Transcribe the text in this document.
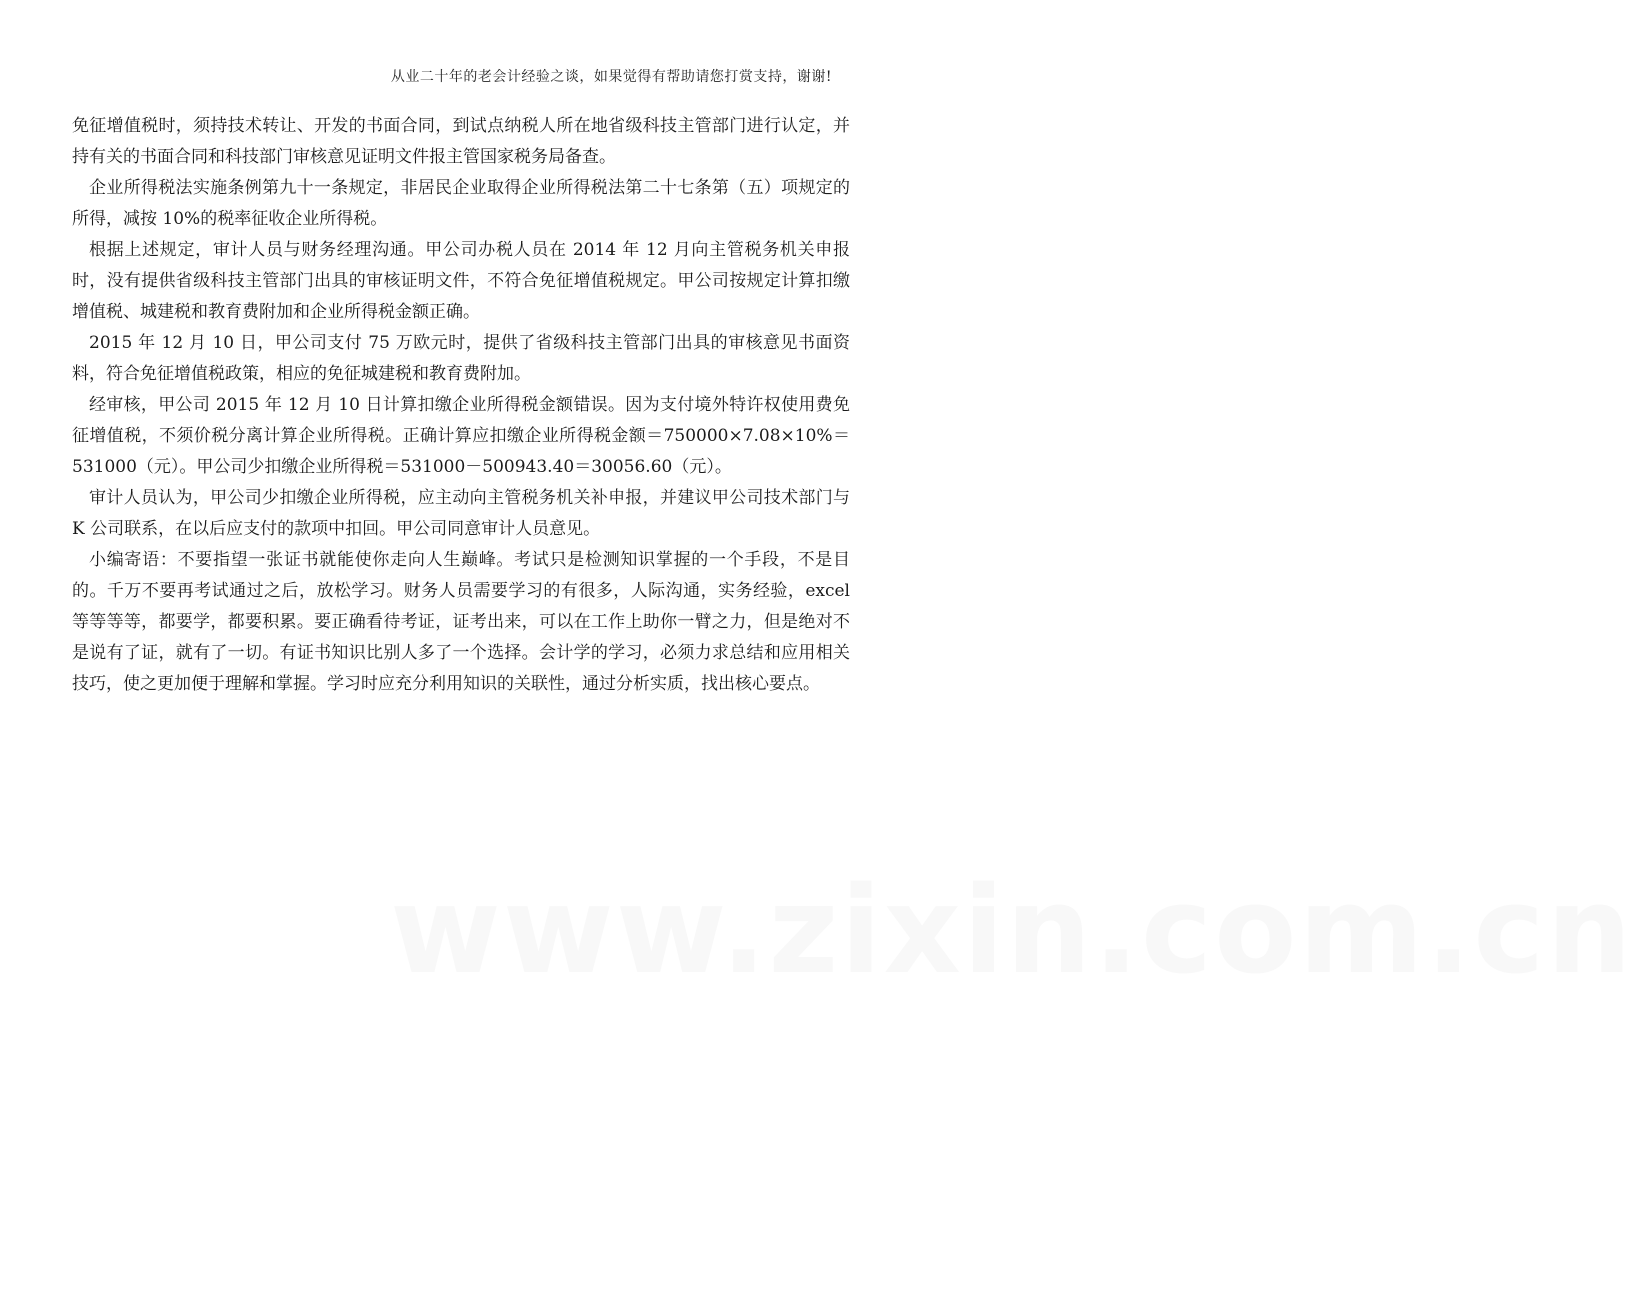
从业二十年的老会计经验之谈，如果觉得有帮助请您打赏支持，谢谢!

免征增值税时，须持技术转让、开发的书面合同，到试点纳税人所在地省级科技主管部门进行认定，并持有关的书面合同和科技部门审核意见证明文件报主管国家税务局备查。

企业所得税法实施条例第九十一条规定，非居民企业取得企业所得税法第二十七条第（五）项规定的所得，减按 10%的税率征收企业所得税。

根据上述规定，审计人员与财务经理沟通。甲公司办税人员在 2014 年 12 月向主管税务机关申报时，没有提供省级科技主管部门出具的审核证明文件，不符合免征增值税规定。甲公司按规定计算扣缴增值税、城建税和教育费附加和企业所得税金额正确。

2015 年 12 月 10 日，甲公司支付 75 万欧元时，提供了省级科技主管部门出具的审核意见书面资料，符合免征增值税政策，相应的免征城建税和教育费附加。

经审核，甲公司 2015 年 12 月 10 日计算扣缴企业所得税金额错误。因为支付境外特许权使用费免征增值税，不须价税分离计算企业所得税。正确计算应扣缴企业所得税金额＝750000×7.08×10%＝531000（元）。甲公司少扣缴企业所得税＝531000－500943.40＝30056.60（元）。

审计人员认为，甲公司少扣缴企业所得税，应主动向主管税务机关补申报，并建议甲公司技术部门与 K 公司联系，在以后应支付的款项中扣回。甲公司同意审计人员意见。

小编寄语：不要指望一张证书就能使你走向人生巅峰。考试只是检测知识掌握的一个手段，不是目的。千万不要再考试通过之后，放松学习。财务人员需要学习的有很多，人际沟通，实务经验，excel 等等等等，都要学，都要积累。要正确看待考证，证考出来，可以在工作上助你一臂之力，但是绝对不是说有了证，就有了一切。有证书知识比别人多了一个选择。会计学的学习，必须力求总结和应用相关技巧，使之更加便于理解和掌握。学习时应充分利用知识的关联性，通过分析实质，找出核心要点。

www.zixin.com.cn
